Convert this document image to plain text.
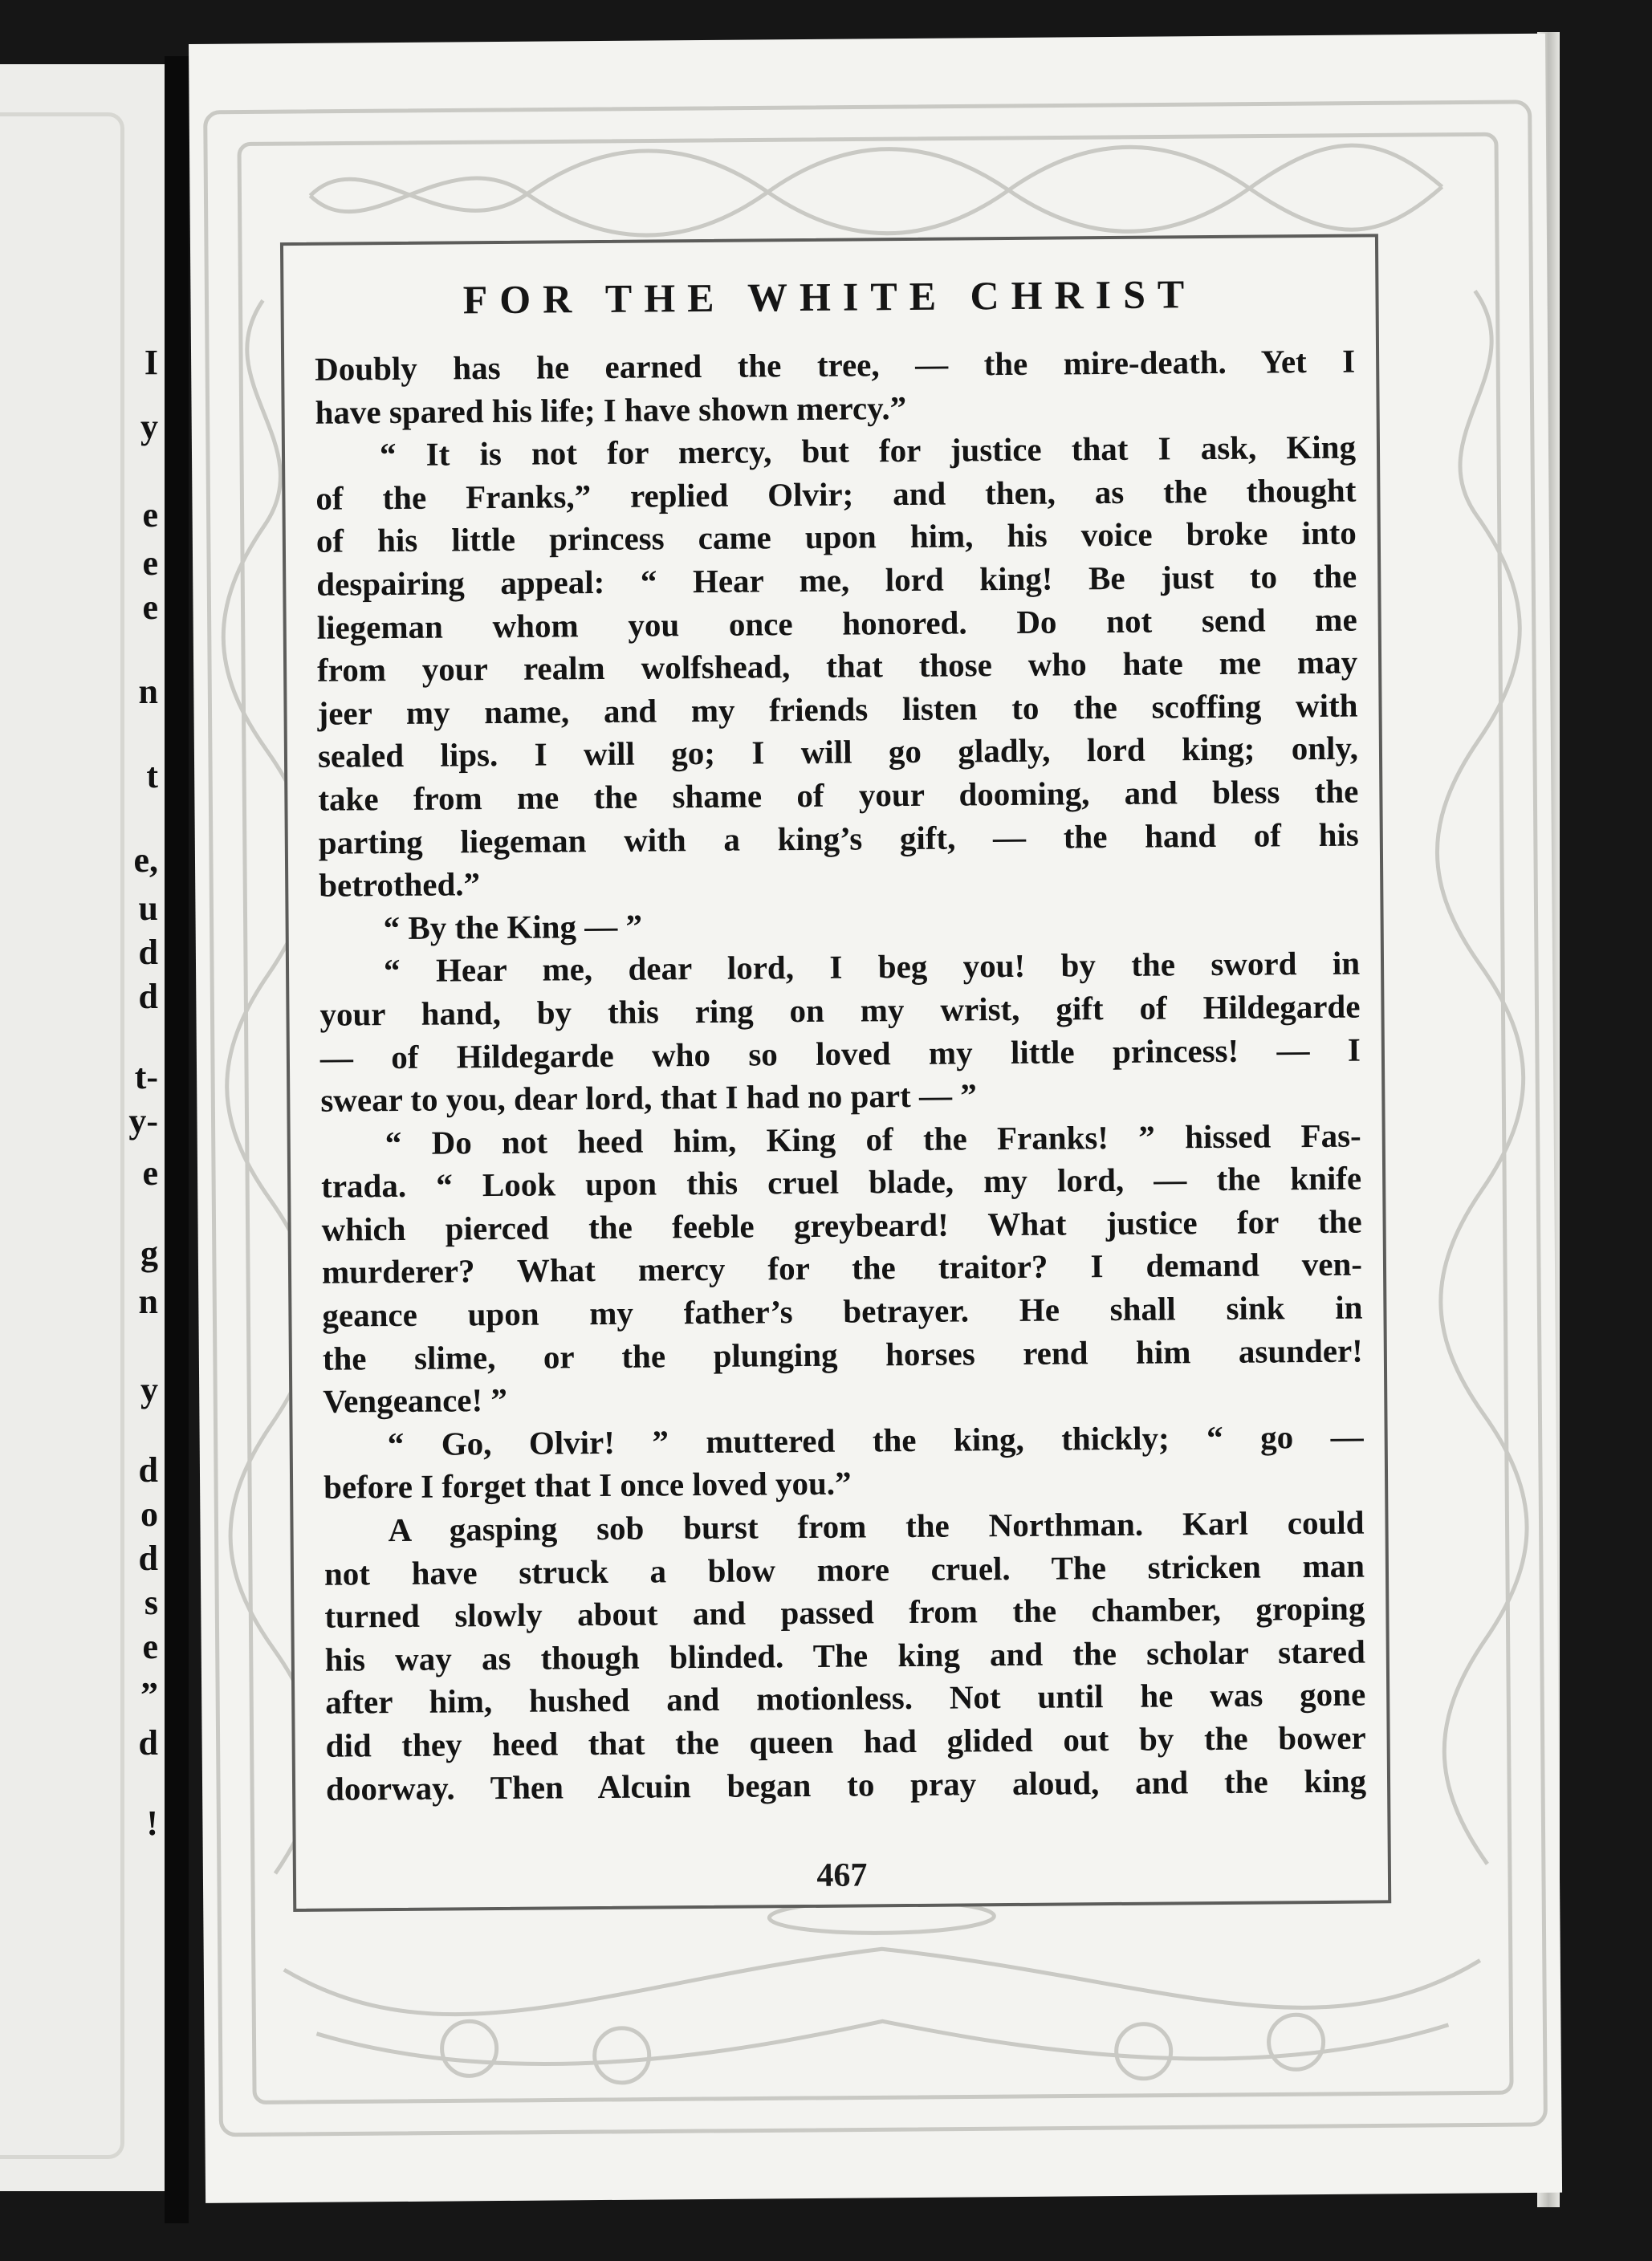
I
y
e
e
e
n
t
e,
u
d
d
t-
y-
e
g
n
y
d
o
d
s
e
”
d
!
FOR THE WHITE CHRIST
Doubly has he earned the tree, — the mire-death. Yet I
have spared his life; I have shown mercy.”
“ It is not for mercy, but for justice that I ask, King
of the Franks,” replied Olvir; and then, as the thought
of his little princess came upon him, his voice broke into
despairing appeal: “ Hear me, lord king! Be just to the
liegeman whom you once honored. Do not send me
from your realm wolfshead, that those who hate me may
jeer my name, and my friends listen to the scoffing with
sealed lips. I will go; I will go gladly, lord king; only,
take from me the shame of your dooming, and bless the
parting liegeman with a king’s gift, — the hand of his
betrothed.”
“ By the King — ”
“ Hear me, dear lord, I beg you! by the sword in
your hand, by this ring on my wrist, gift of Hildegarde
— of Hildegarde who so loved my little princess! — I
swear to you, dear lord, that I had no part — ”
“ Do not heed him, King of the Franks! ” hissed Fas-
trada. “ Look upon this cruel blade, my lord, — the knife
which pierced the feeble greybeard! What justice for the
murderer? What mercy for the traitor? I demand ven-
geance upon my father’s betrayer. He shall sink in
the slime, or the plunging horses rend him asunder!
Vengeance! ”
“ Go, Olvir! ” muttered the king, thickly; “ go —
before I forget that I once loved you.”
A gasping sob burst from the Northman. Karl could
not have struck a blow more cruel. The stricken man
turned slowly about and passed from the chamber, groping
his way as though blinded. The king and the scholar stared
after him, hushed and motionless. Not until he was gone
did they heed that the queen had glided out by the bower
doorway. Then Alcuin began to pray aloud, and the king
467
